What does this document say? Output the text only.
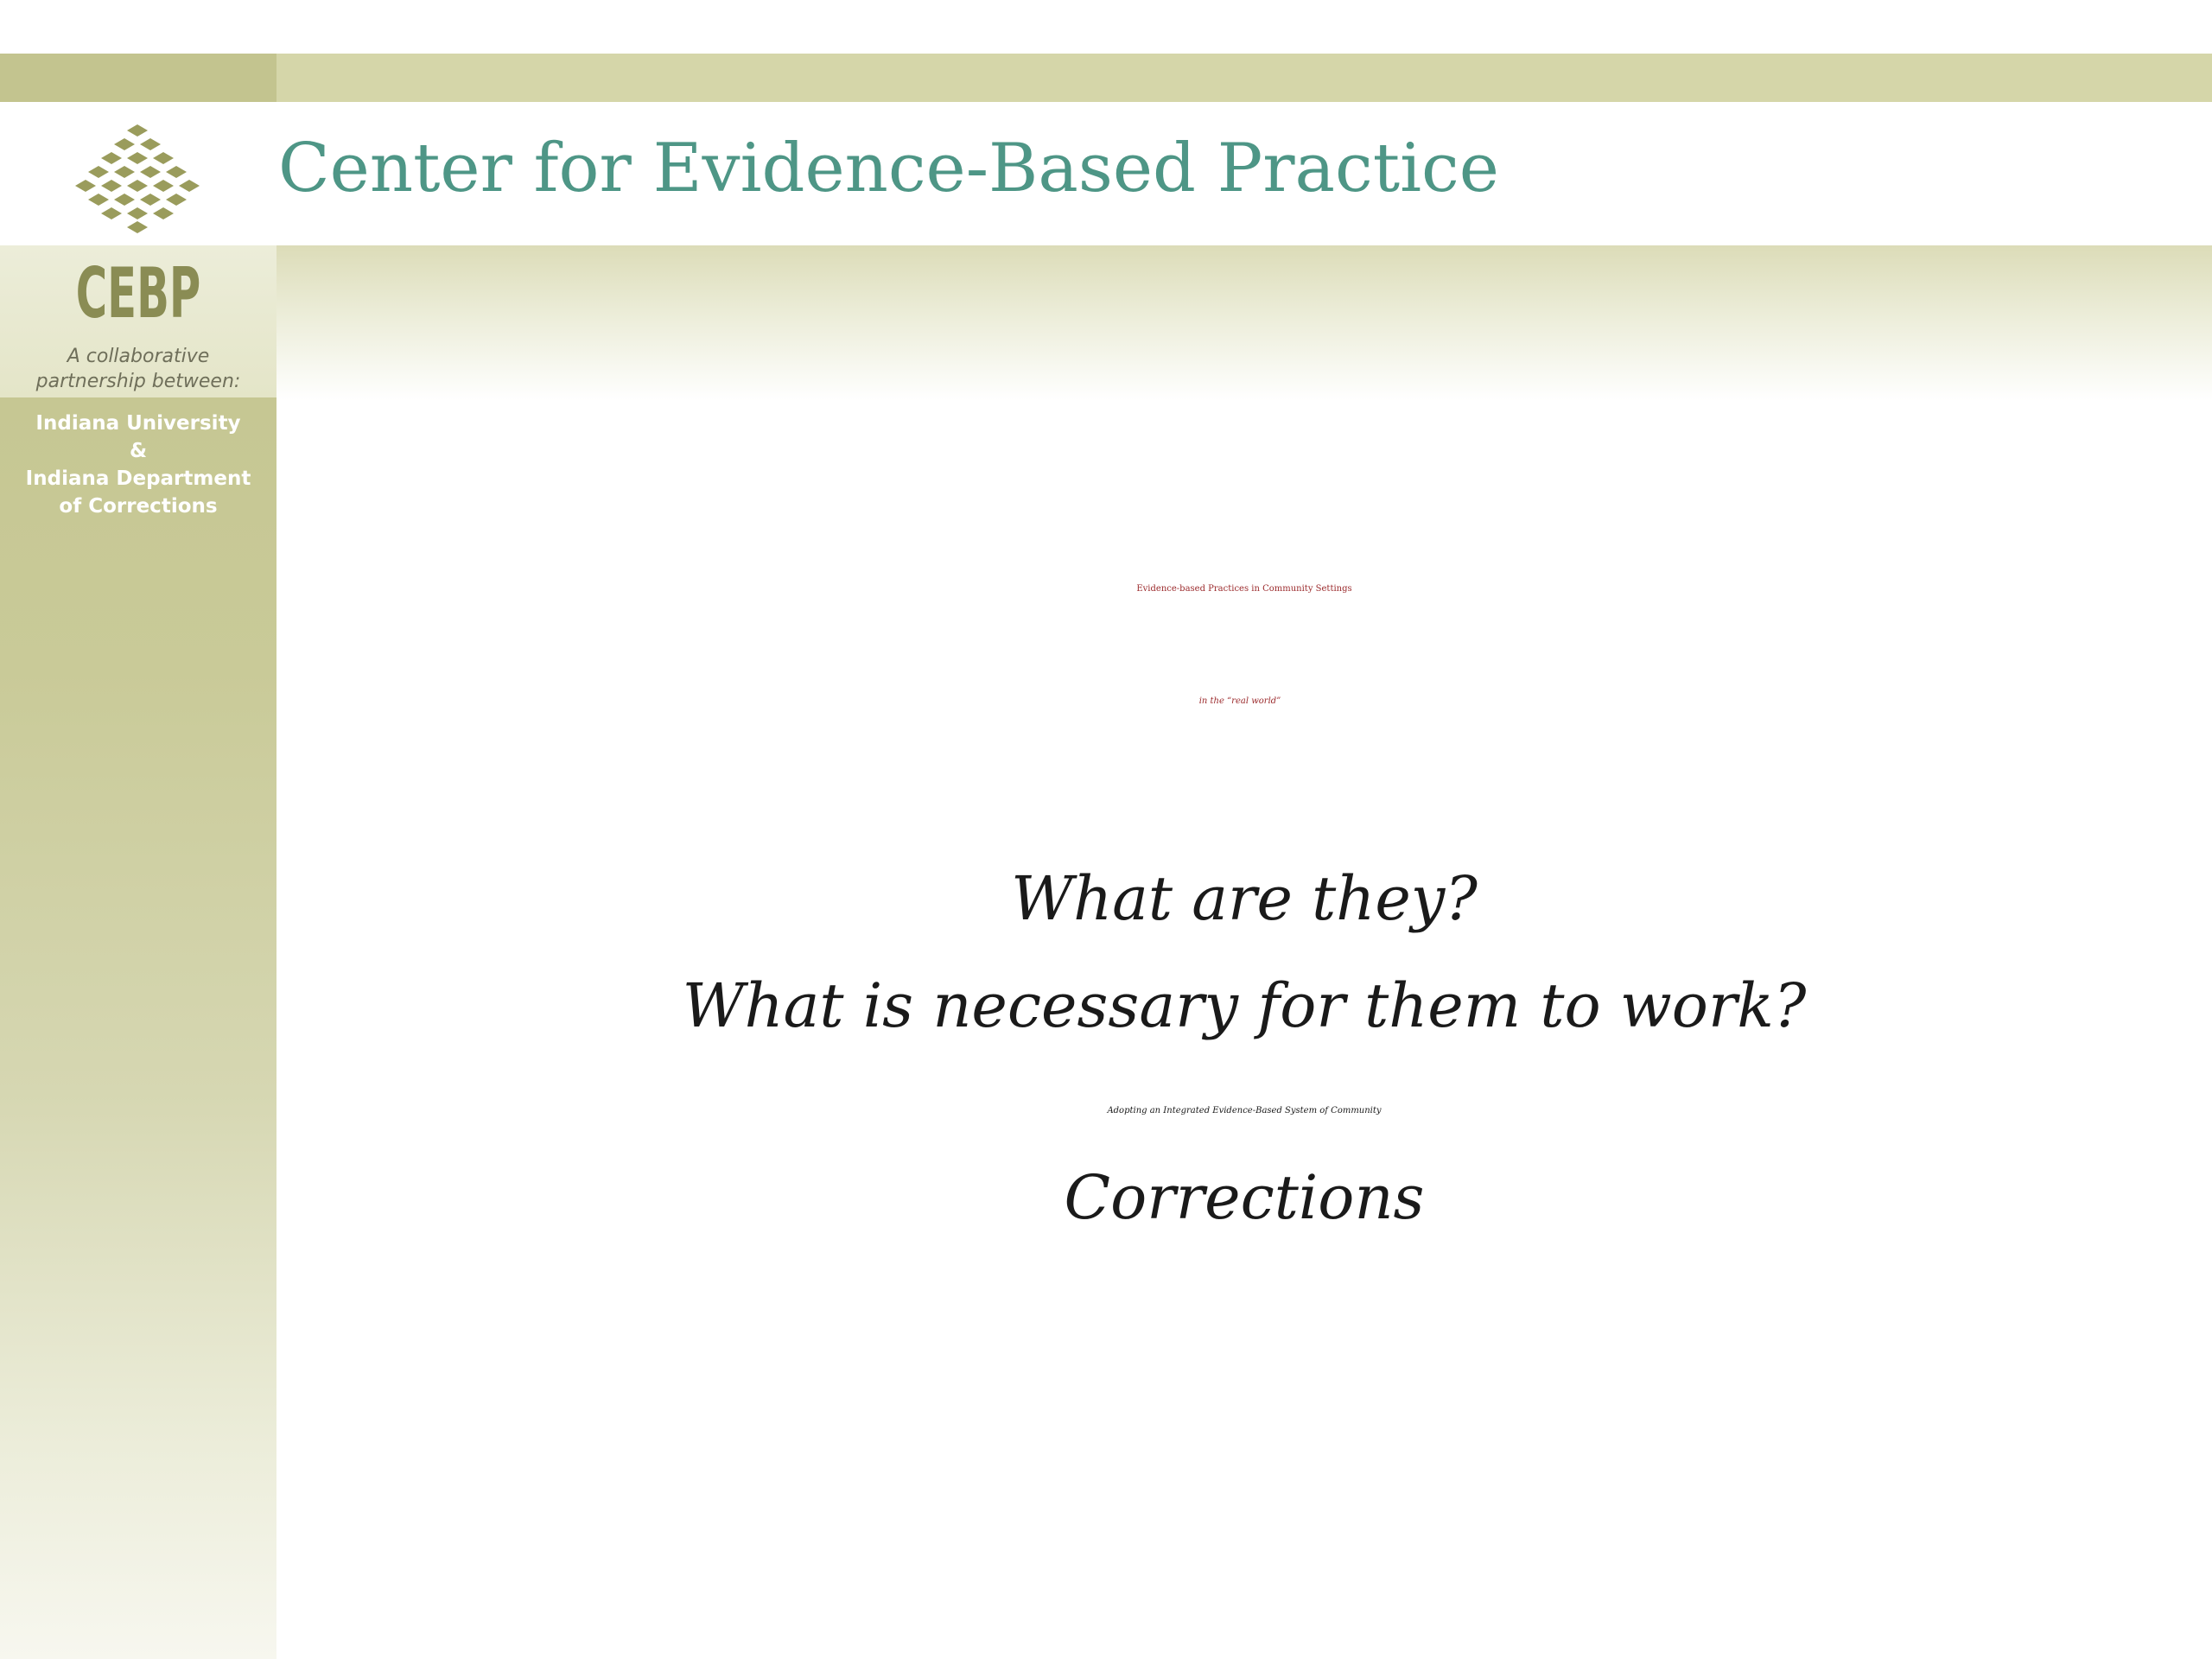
Center for Evidence-Based Practice
CEBP
A collaborative
partnership between:
Indiana University
&
Indiana Department
of Corrections
Evidence-based Practices in Community Settings
in the “real world”
What are they?
What is necessary for them to work?
Adopting an Integrated Evidence-Based System of Community
Corrections
